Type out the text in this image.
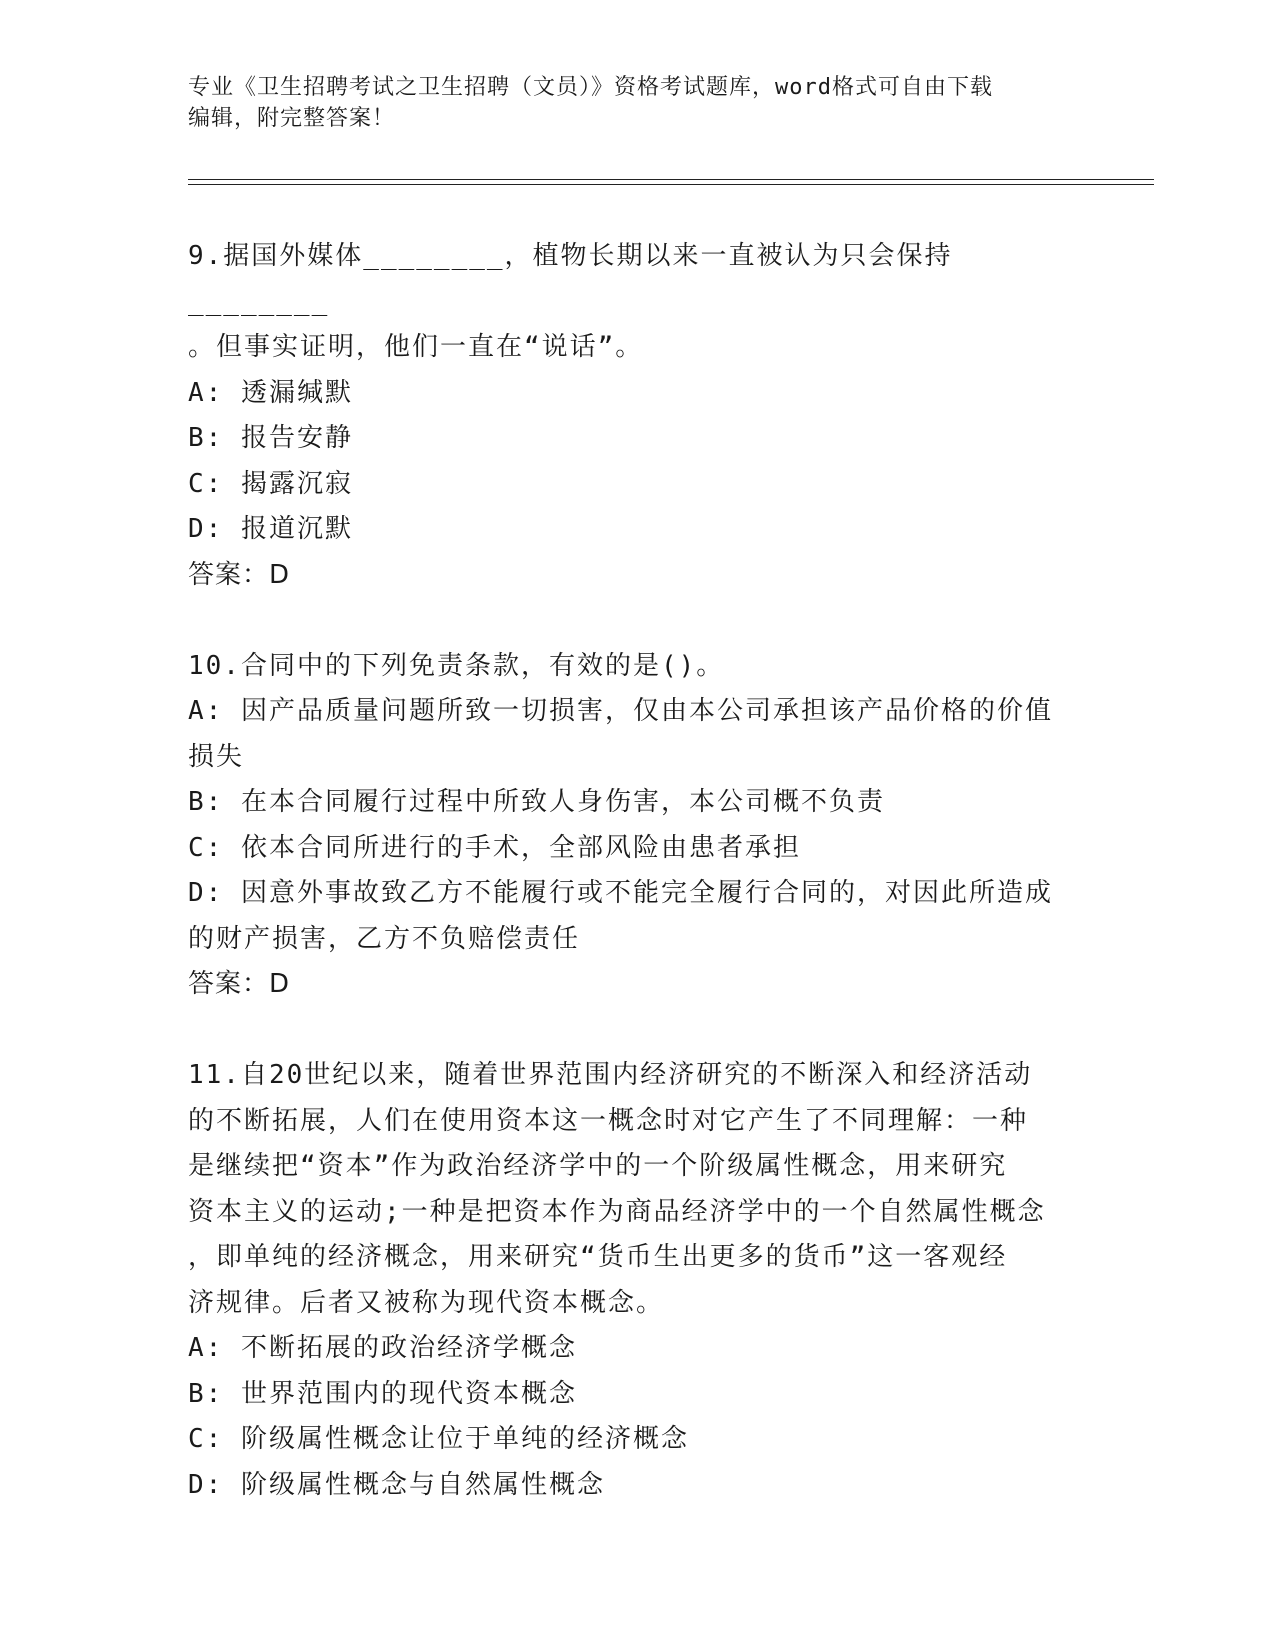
专业《卫生招聘考试之卫生招聘（文员）》资格考试题库，word格式可自由下载
编辑，附完整答案！

9.据国外媒体________，植物长期以来一直被认为只会保持________

。但事实证明，他们一直在“说话”。

A: 透漏缄默

B: 报告安静

C: 揭露沉寂

D: 报道沉默

答案：D

10.合同中的下列免责条款，有效的是()。

A: 因产品质量问题所致一切损害，仅由本公司承担该产品价格的价值

损失

B: 在本合同履行过程中所致人身伤害，本公司概不负责

C: 依本合同所进行的手术，全部风险由患者承担

D: 因意外事故致乙方不能履行或不能完全履行合同的，对因此所造成

的财产损害，乙方不负赔偿责任

答案：D

11.自20世纪以来，随着世界范围内经济研究的不断深入和经济活动

的不断拓展，人们在使用资本这一概念时对它产生了不同理解：一种

是继续把“资本”作为政治经济学中的一个阶级属性概念，用来研究

资本主义的运动;一种是把资本作为商品经济学中的一个自然属性概念

，即单纯的经济概念，用来研究“货币生出更多的货币”这一客观经

济规律。后者又被称为现代资本概念。

A: 不断拓展的政治经济学概念

B: 世界范围内的现代资本概念

C: 阶级属性概念让位于单纯的经济概念

D: 阶级属性概念与自然属性概念
